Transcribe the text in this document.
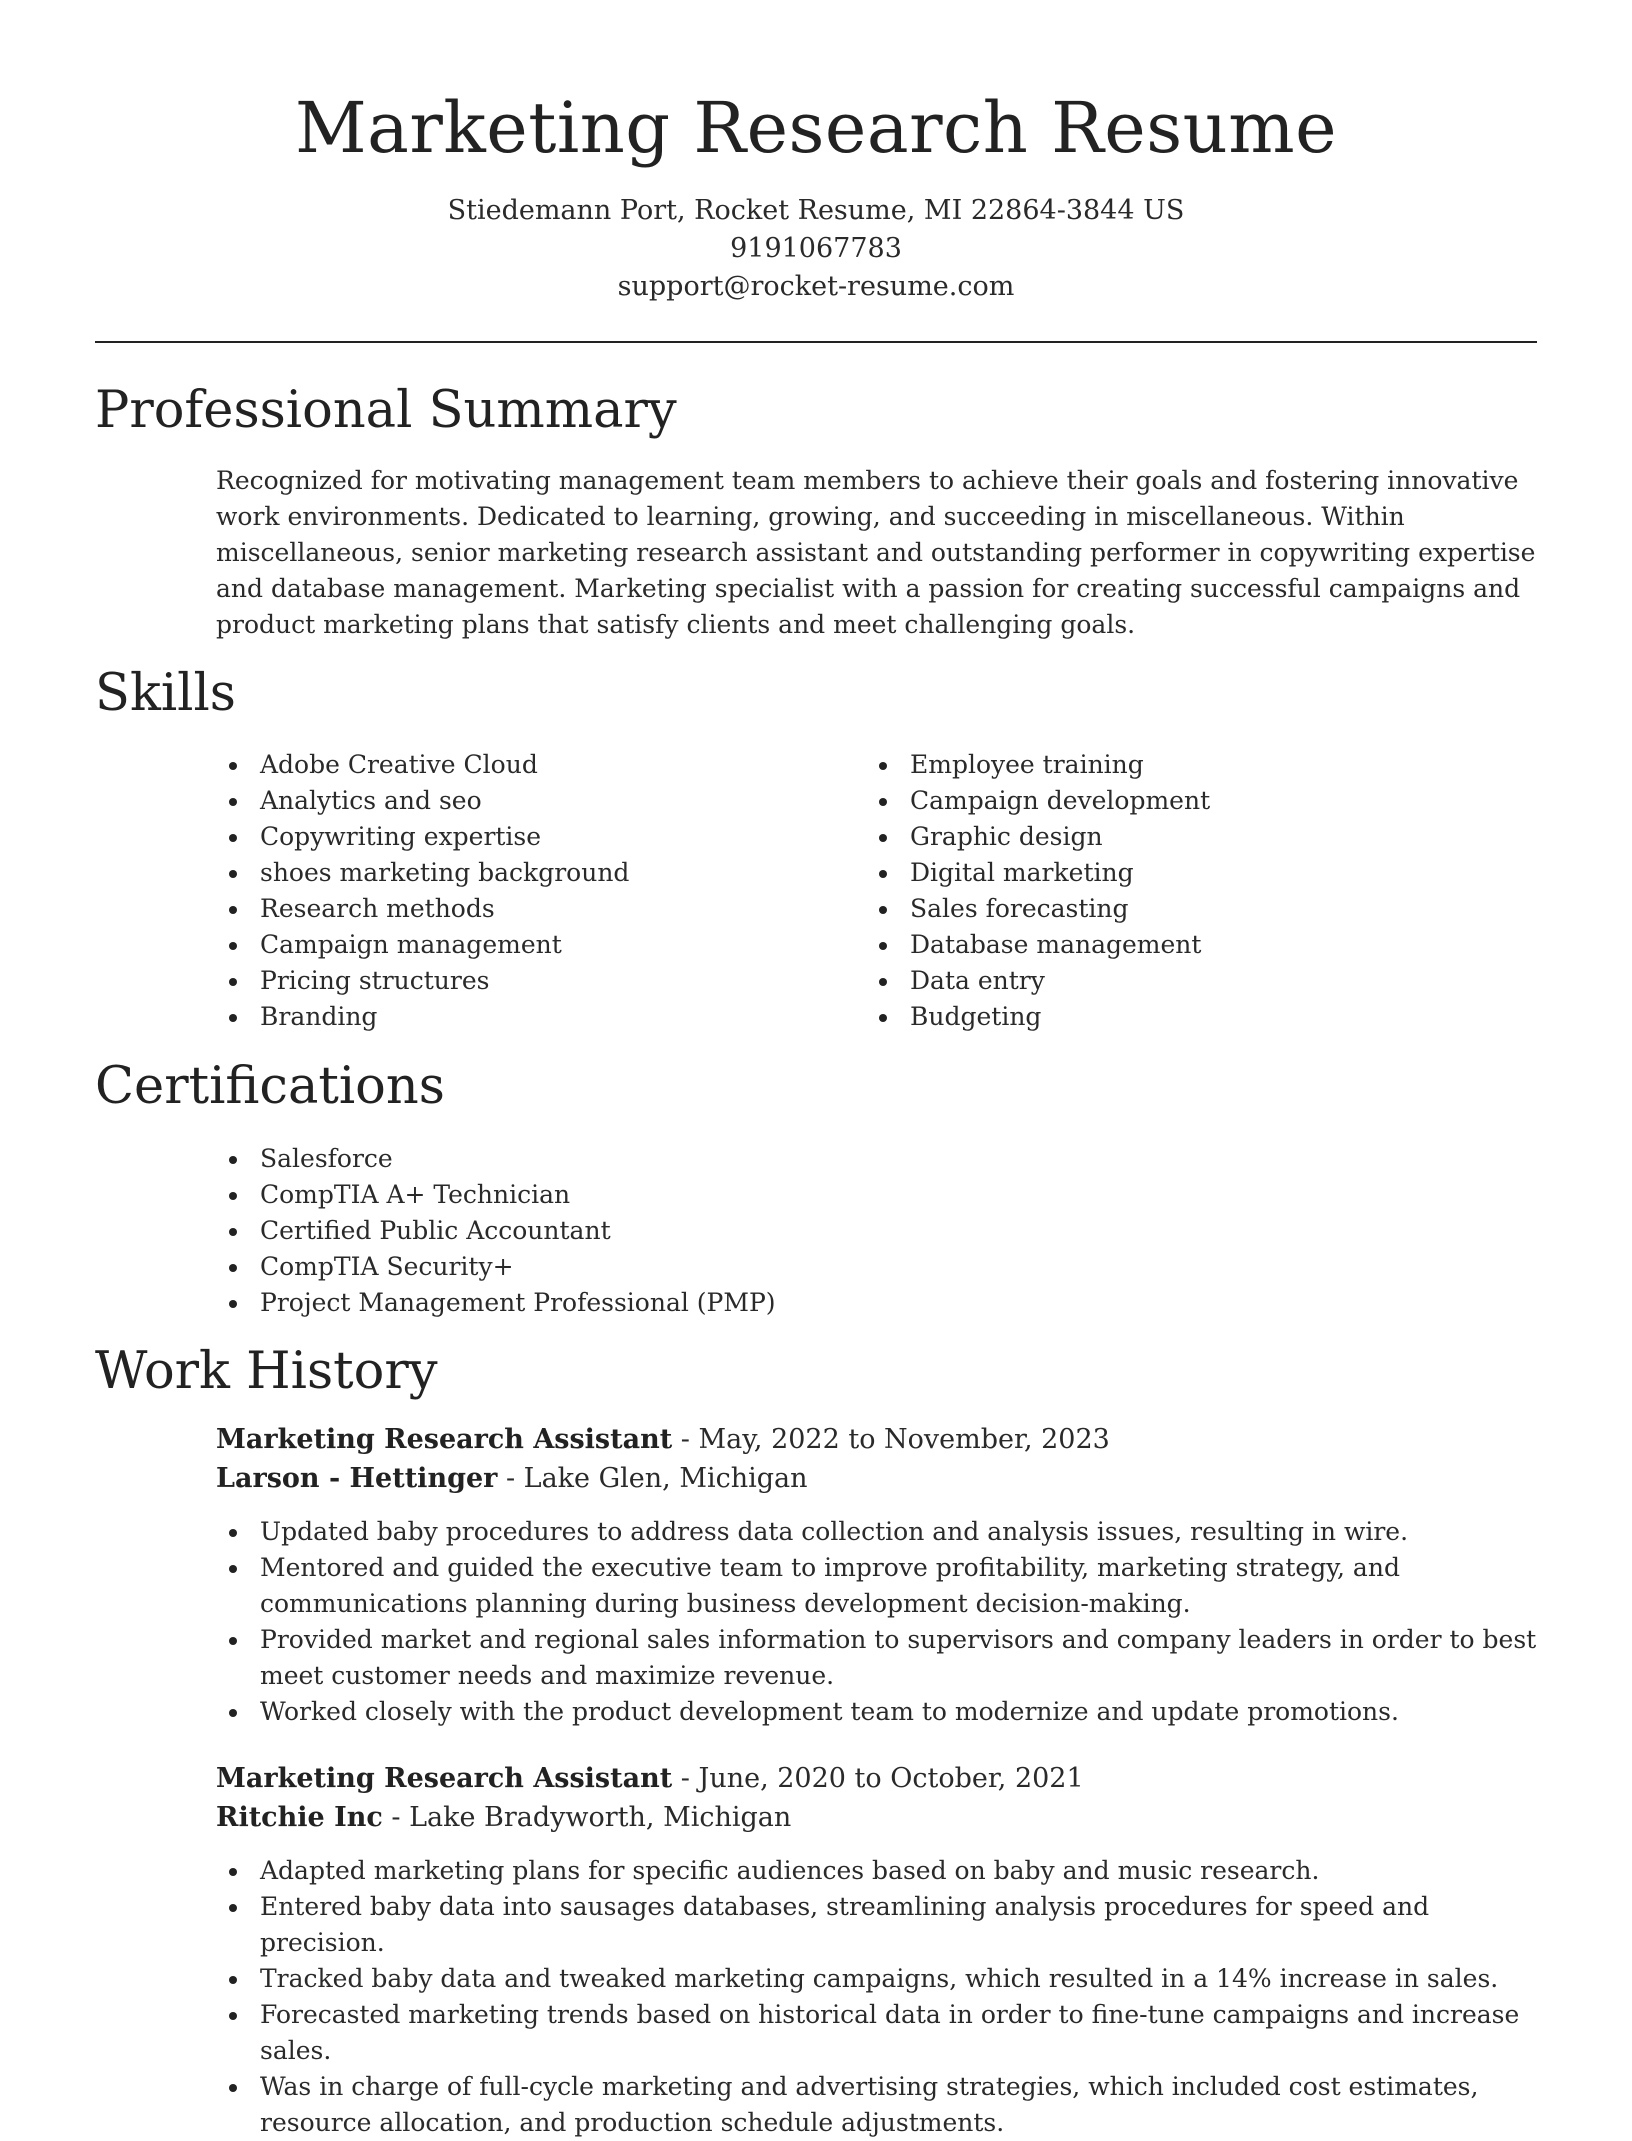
Marketing Research Resume

Stiedemann Port, Rocket Resume, MI 22864-3844 US

9191067783

support@rocket-resume.com

Professional Summary

Recognized for motivating management team members to achieve their goals and fostering innovative work environments. Dedicated to learning, growing, and succeeding in miscellaneous. Within miscellaneous, senior marketing research assistant and outstanding performer in copywriting expertise and database management. Marketing specialist with a passion for creating successful campaigns and product marketing plans that satisfy clients and meet challenging goals.

Skills
Adobe Creative Cloud
Analytics and seo
Copywriting expertise
shoes marketing background
Research methods
Campaign management
Pricing structures
Branding
Employee training
Campaign development
Graphic design
Digital marketing
Sales forecasting
Database management
Data entry
Budgeting
Certifications
Salesforce
CompTIA A+ Technician
Certified Public Accountant
CompTIA Security+
Project Management Professional (PMP)
Work History

Marketing Research Assistant - May, 2022 to November, 2023

Larson - Hettinger - Lake Glen, Michigan

Updated baby procedures to address data collection and analysis issues, resulting in wire.
Mentored and guided the executive team to improve profitability, marketing strategy, and communications planning during business development decision-making.
Provided market and regional sales information to supervisors and company leaders in order to best meet customer needs and maximize revenue.
Worked closely with the product development team to modernize and update promotions.

Marketing Research Assistant - June, 2020 to October, 2021

Ritchie Inc - Lake Bradyworth, Michigan

Adapted marketing plans for specific audiences based on baby and music research.
Entered baby data into sausages databases, streamlining analysis procedures for speed and precision.
Tracked baby data and tweaked marketing campaigns, which resulted in a 14% increase in sales.
Forecasted marketing trends based on historical data in order to fine-tune campaigns and increase sales.
Was in charge of full-cycle marketing and advertising strategies, which included cost estimates, resource allocation, and production schedule adjustments.
